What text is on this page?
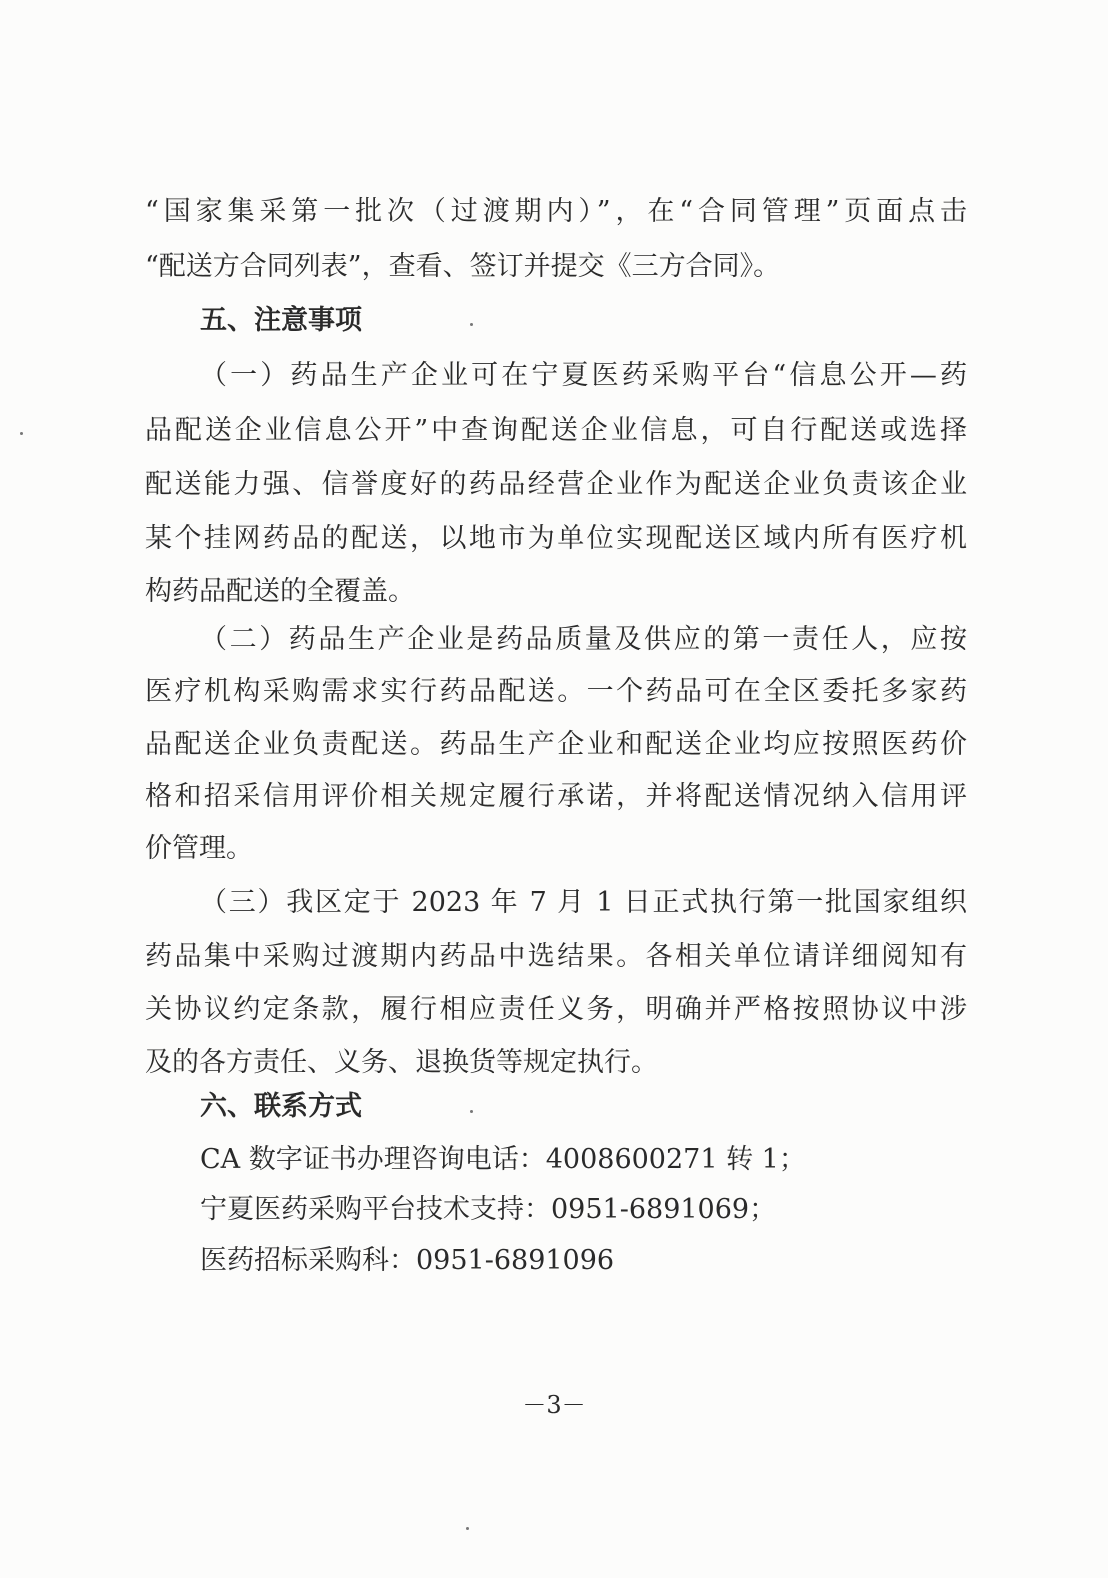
“国家集采第一批次（过渡期内）”，在“合同管理”页面点击
“配送方合同列表”，查看、签订并提交《三方合同》。
五、注意事项
（一）药品生产企业可在宁夏医药采购平台“信息公开—药
品配送企业信息公开”中查询配送企业信息，可自行配送或选择
配送能力强、信誉度好的药品经营企业作为配送企业负责该企业
某个挂网药品的配送，以地市为单位实现配送区域内所有医疗机
构药品配送的全覆盖。
（二）药品生产企业是药品质量及供应的第一责任人，应按
医疗机构采购需求实行药品配送。一个药品可在全区委托多家药
品配送企业负责配送。药品生产企业和配送企业均应按照医药价
格和招采信用评价相关规定履行承诺，并将配送情况纳入信用评
价管理。
（三）我区定于 2023 年 7 月 1 日正式执行第一批国家组织
药品集中采购过渡期内药品中选结果。各相关单位请详细阅知有
关协议约定条款，履行相应责任义务，明确并严格按照协议中涉
及的各方责任、义务、退换货等规定执行。
六、联系方式
CA 数字证书办理咨询电话：4008600271 转 1；
宁夏医药采购平台技术支持：0951-6891069；
医药招标采购科：0951-6891096
－3－
